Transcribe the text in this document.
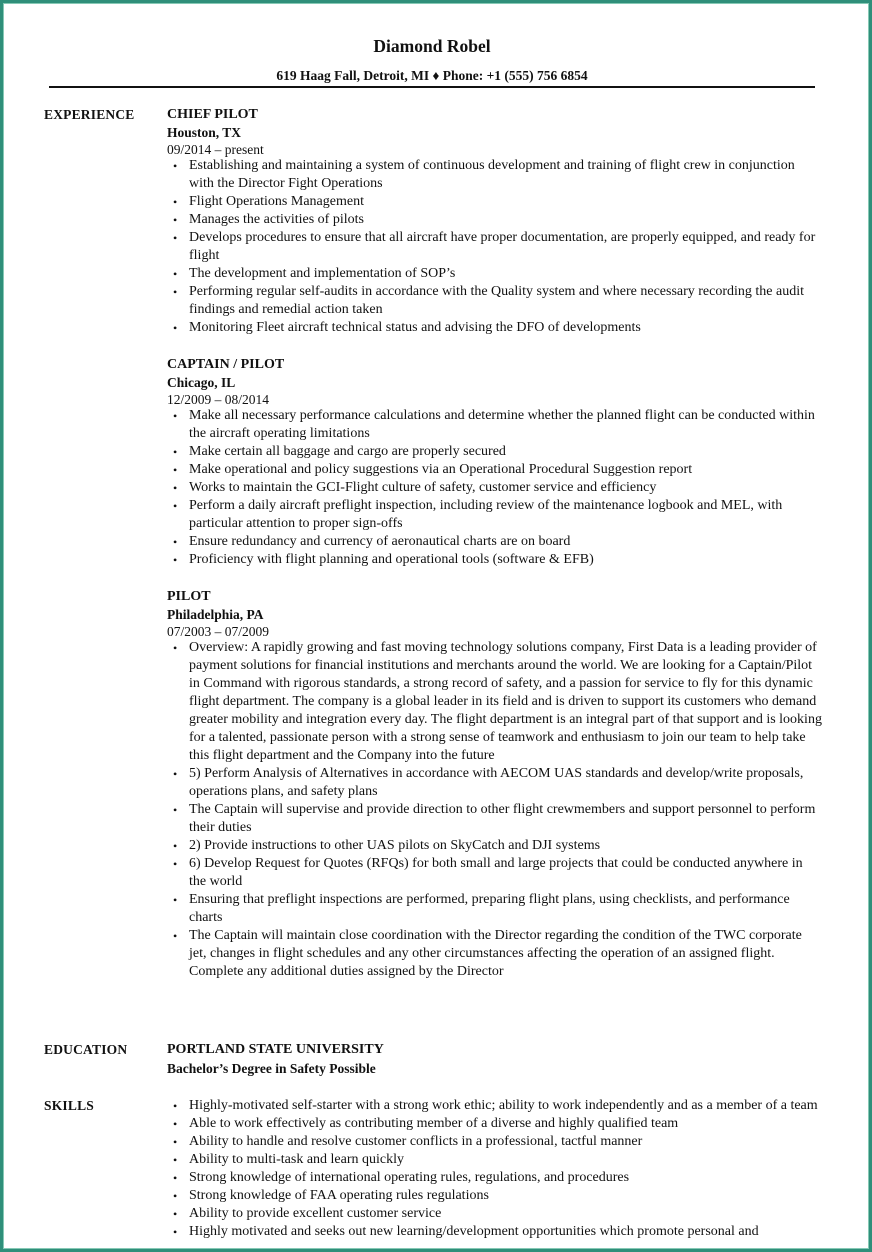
Diamond Robel
619 Haag Fall, Detroit, MI ♦ Phone: +1 (555) 756 6854
EXPERIENCE CHIEF PILOT
Houston, TX
09/2014 – present
• Establishing and maintaining a system of continuous development and training of flight crew in conjunction with the Director Fight Operations
• Flight Operations Management
• Manages the activities of pilots
• Develops procedures to ensure that all aircraft have proper documentation, are properly equipped, and ready for flight
• The development and implementation of SOP’s
• Performing regular self-audits in accordance with the Quality system and where necessary recording the audit findings and remedial action taken
• Monitoring Fleet aircraft technical status and advising the DFO of developments
CAPTAIN / PILOT
Chicago, IL
12/2009 – 08/2014
• Make all necessary performance calculations and determine whether the planned flight can be conducted within the aircraft operating limitations
• Make certain all baggage and cargo are properly secured
• Make operational and policy suggestions via an Operational Procedural Suggestion report
• Works to maintain the GCI-Flight culture of safety, customer service and efficiency
• Perform a daily aircraft preflight inspection, including review of the maintenance logbook and MEL, with particular attention to proper sign-offs
• Ensure redundancy and currency of aeronautical charts are on board
• Proficiency with flight planning and operational tools (software & EFB)
PILOT
Philadelphia, PA
07/2003 – 07/2009
• Overview: A rapidly growing and fast moving technology solutions company, First Data is a leading provider of payment solutions for financial institutions and merchants around the world. We are looking for a Captain/Pilot in Command with rigorous standards, a strong record of safety, and a passion for service to fly for this dynamic flight department. The company is a global leader in its field and is driven to support its customers who demand greater mobility and integration every day. The flight department is an integral part of that support and is looking for a talented, passionate person with a strong sense of teamwork and enthusiasm to join our team to help take this flight department and the Company into the future
• 5) Perform Analysis of Alternatives in accordance with AECOM UAS standards and develop/write proposals, operations plans, and safety plans
• The Captain will supervise and provide direction to other flight crewmembers and support personnel to perform their duties
• 2) Provide instructions to other UAS pilots on SkyCatch and DJI systems
• 6) Develop Request for Quotes (RFQs) for both small and large projects that could be conducted anywhere in the world
• Ensuring that preflight inspections are performed, preparing flight plans, using checklists, and performance charts
• The Captain will maintain close coordination with the Director regarding the condition of the TWC corporate jet, changes in flight schedules and any other circumstances affecting the operation of an assigned flight. Complete any additional duties assigned by the Director
EDUCATION	PORTLAND STATE UNIVERSITY
Bachelor’s Degree in Safety Possible
SKILLS	• Highly-motivated self-starter with a strong work ethic; ability to work independently and as a member of a team
• Able to work effectively as contributing member of a diverse and highly qualified team
• Ability to handle and resolve customer conflicts in a professional, tactful manner
• Ability to multi-task and learn quickly
• Strong knowledge of international operating rules, regulations, and procedures
• Strong knowledge of FAA operating rules regulations
• Ability to provide excellent customer service
• Highly motivated and seeks out new learning/development opportunities which promote personal and
